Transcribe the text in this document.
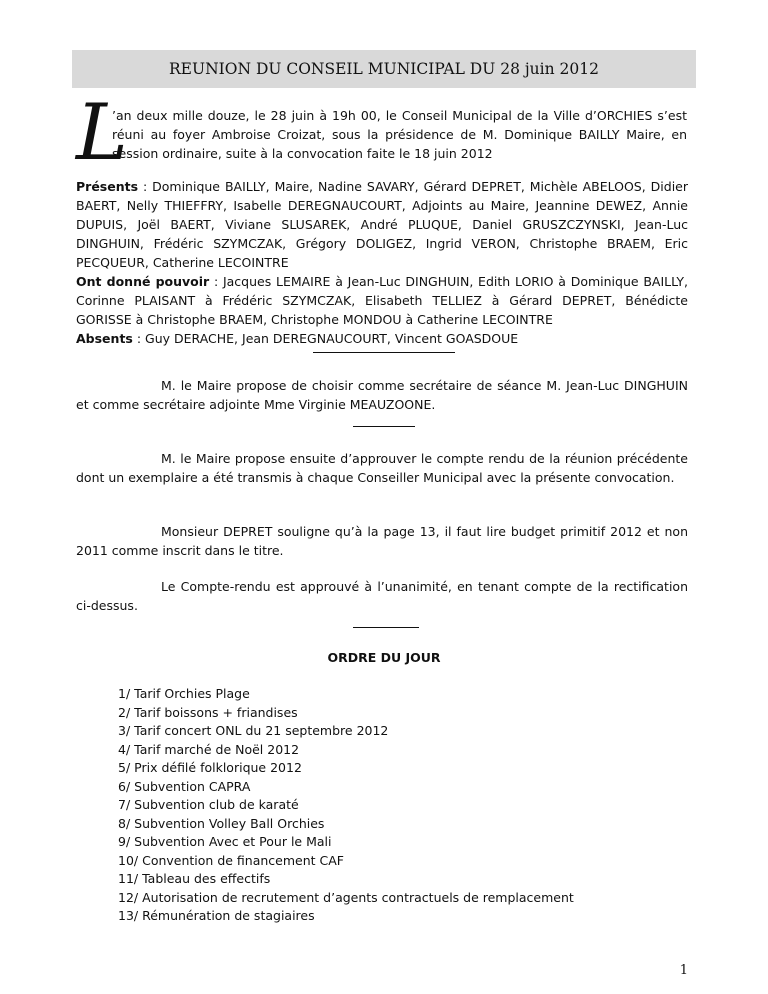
REUNION DU CONSEIL MUNICIPAL DU 28 juin 2012
L
’an deux mille douze, le 28 juin à 19h 00, le Conseil Municipal de la Ville d’ORCHIES s’est réuni au foyer Ambroise Croizat, sous la présidence de M. Dominique BAILLY Maire, en session ordinaire, suite à la convocation faite le 18 juin 2012
Présents : Dominique BAILLY, Maire, Nadine SAVARY, Gérard DEPRET, Michèle ABELOOS, Didier BAERT, Nelly THIEFFRY, Isabelle DEREGNAUCOURT, Adjoints au Maire, Jeannine DEWEZ, Annie DUPUIS, Joël BAERT, Viviane SLUSAREK, André PLUQUE, Daniel GRUSZCZYNSKI, Jean-Luc DINGHUIN, Frédéric SZYMCZAK, Grégory DOLIGEZ, Ingrid VERON, Christophe BRAEM, Eric PECQUEUR, Catherine LECOINTRE
Ont donné pouvoir : Jacques LEMAIRE à Jean-Luc DINGHUIN, Edith LORIO à Dominique BAILLY, Corinne PLAISANT à Frédéric SZYMCZAK, Elisabeth TELLIEZ à Gérard DEPRET, Bénédicte GORISSE à Christophe BRAEM, Christophe MONDOU à Catherine LECOINTRE
Absents : Guy DERACHE, Jean DEREGNAUCOURT, Vincent GOASDOUE
M. le Maire propose de choisir comme secrétaire de séance M. Jean-Luc DINGHUIN et comme secrétaire adjointe Mme Virginie MEAUZOONE.
M. le Maire propose ensuite d’approuver le compte rendu de la réunion précédente dont un exemplaire a été transmis à chaque Conseiller Municipal avec la présente convocation.
Monsieur DEPRET souligne qu’à la page 13, il faut lire budget primitif 2012 et non 2011 comme inscrit dans le titre.
Le Compte-rendu est approuvé à l’unanimité, en tenant compte de la rectification ci-dessus.
ORDRE DU JOUR
1/ Tarif Orchies Plage
2/ Tarif boissons + friandises
3/ Tarif concert ONL du 21 septembre 2012
4/ Tarif marché de Noël 2012
5/ Prix défilé folklorique 2012
6/ Subvention CAPRA
7/ Subvention club de karaté
8/ Subvention Volley Ball Orchies
9/ Subvention Avec et Pour le Mali
10/ Convention de financement CAF
11/ Tableau des effectifs
12/ Autorisation de recrutement d’agents contractuels de remplacement
13/ Rémunération de stagiaires
1
